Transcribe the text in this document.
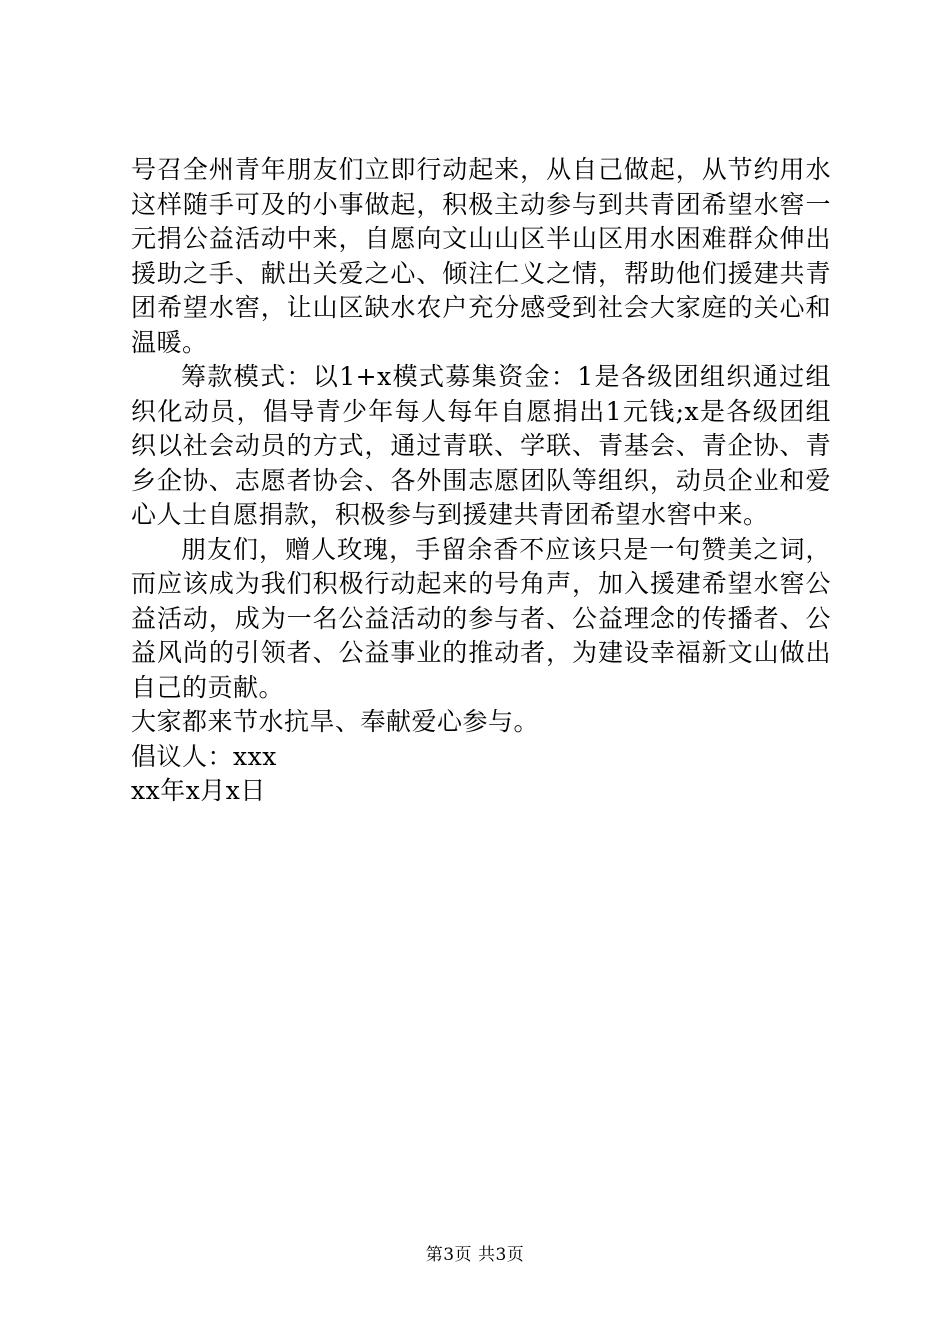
号召全州青年朋友们立即行动起来，从自己做起，从节约用水这样随手可及的小事做起，积极主动参与到共青团希望水窖一元捐公益活动中来，自愿向文山山区半山区用水困难群众伸出援助之手、献出关爱之心、倾注仁义之情，帮助他们援建共青团希望水窖，让山区缺水农户充分感受到社会大家庭的关心和温暖。

筹款模式：以1+x模式募集资金：1是各级团组织通过组织化动员，倡导青少年每人每年自愿捐出1元钱;x是各级团组织以社会动员的方式，通过青联、学联、青基会、青企协、青乡企协、志愿者协会、各外围志愿团队等组织，动员企业和爱心人士自愿捐款，积极参与到援建共青团希望水窖中来。

朋友们，赠人玫瑰，手留余香不应该只是一句赞美之词，而应该成为我们积极行动起来的号角声，加入援建希望水窖公益活动，成为一名公益活动的参与者、公益理念的传播者、公益风尚的引领者、公益事业的推动者，为建设幸福新文山做出自己的贡献。

大家都来节水抗旱、奉献爱心参与。

倡议人：xxx

xx年x月x日

第3页 共3页
